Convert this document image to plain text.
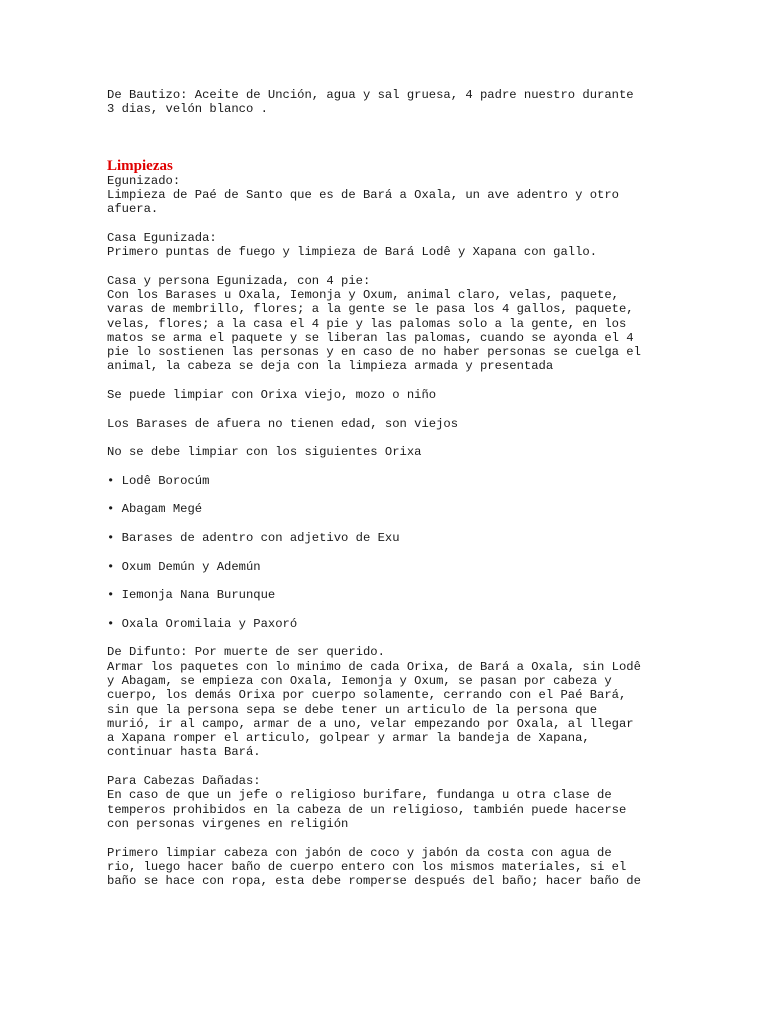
De Bautizo: Aceite de Unción, agua y sal gruesa, 4 padre nuestro durante
3 dias, velón blanco .
Limpiezas
Egunizado:
Limpieza de Paé de Santo que es de Bará a Oxala, un ave adentro y otro
afuera.
Casa Egunizada:
Primero puntas de fuego y limpieza de Bará Lodê y Xapana con gallo.
Casa y persona Egunizada, con 4 pie:
Con los Barases u Oxala, Iemonja y Oxum, animal claro, velas, paquete,
varas de membrillo, flores; a la gente se le pasa los 4 gallos, paquete,
velas, flores; a la casa el 4 pie y las palomas solo a la gente, en los
matos se arma el paquete y se liberan las palomas, cuando se ayonda el 4
pie lo sostienen las personas y en caso de no haber personas se cuelga el
animal, la cabeza se deja con la limpieza armada y presentada
Se puede limpiar con Orixa viejo, mozo o niño
Los Barases de afuera no tienen edad, son viejos
No se debe limpiar con los siguientes Orixa
• Lodê Borocúm
• Abagam Megé
• Barases de adentro con adjetivo de Exu
• Oxum Demún y Ademún
• Iemonja Nana Burunque
• Oxala Oromilaia y Paxoró
De Difunto: Por muerte de ser querido.
Armar los paquetes con lo minimo de cada Orixa, de Bará a Oxala, sin Lodê
y Abagam, se empieza con Oxala, Iemonja y Oxum, se pasan por cabeza y
cuerpo, los demás Orixa por cuerpo solamente, cerrando con el Paé Bará,
sin que la persona sepa se debe tener un articulo de la persona que
murió, ir al campo, armar de a uno, velar empezando por Oxala, al llegar
a Xapana romper el articulo, golpear y armar la bandeja de Xapana,
continuar hasta Bará.
Para Cabezas Dañadas:
En caso de que un jefe o religioso burifare, fundanga u otra clase de
temperos prohibidos en la cabeza de un religioso, también puede hacerse
con personas virgenes en religión
Primero limpiar cabeza con jabón de coco y jabón da costa con agua de
rio, luego hacer baño de cuerpo entero con los mismos materiales, si el
baño se hace con ropa, esta debe romperse después del baño; hacer baño de
